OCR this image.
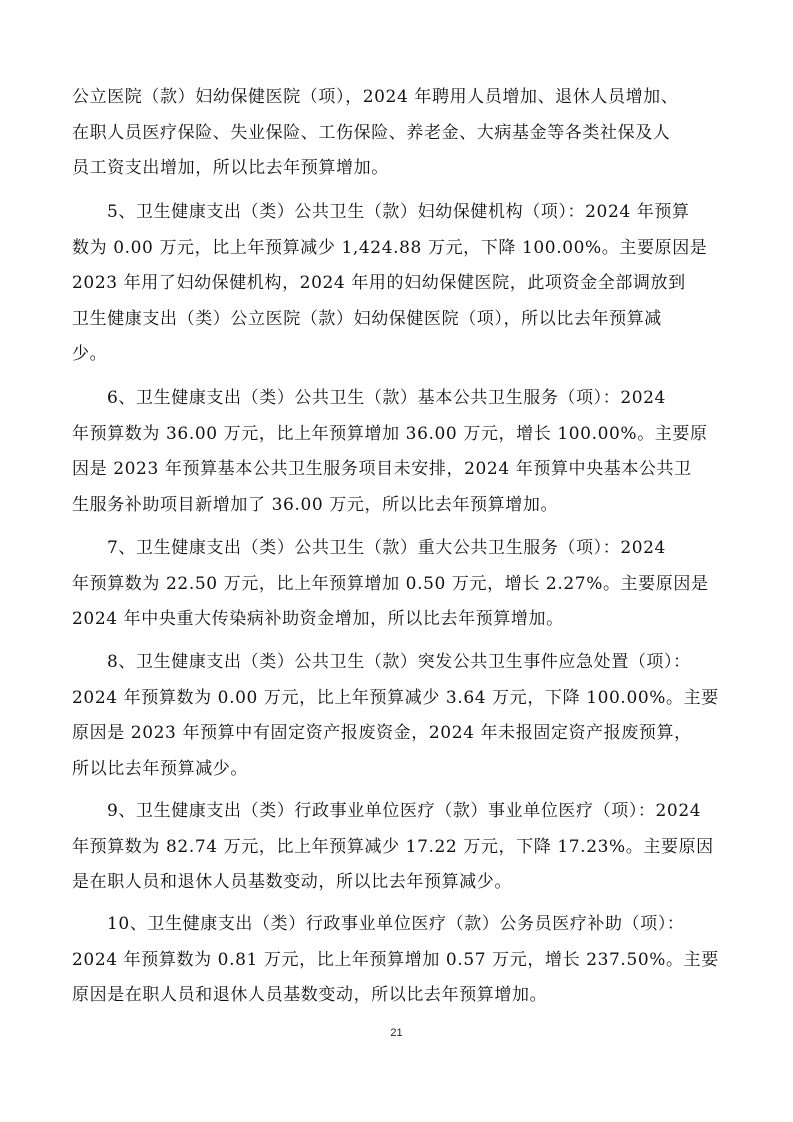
公立医院（款）妇幼保健医院（项），2024 年聘用人员增加、退休人员增加、
在职人员医疗保险、失业保险、工伤保险、养老金、大病基金等各类社保及人
员工资支出增加，所以比去年预算增加。

5、卫生健康支出（类）公共卫生（款）妇幼保健机构（项）：2024 年预算
数为 0.00 万元，比上年预算减少 1,424.88 万元，下降 100.00%。主要原因是
2023 年用了妇幼保健机构，2024 年用的妇幼保健医院，此项资金全部调放到
卫生健康支出（类）公立医院（款）妇幼保健医院（项），所以比去年预算减
少。

6、卫生健康支出（类）公共卫生（款）基本公共卫生服务（项）：2024
年预算数为 36.00 万元，比上年预算增加 36.00 万元，增长 100.00%。主要原
因是 2023 年预算基本公共卫生服务项目未安排，2024 年预算中央基本公共卫
生服务补助项目新增加了 36.00 万元，所以比去年预算增加。

7、卫生健康支出（类）公共卫生（款）重大公共卫生服务（项）：2024
年预算数为 22.50 万元，比上年预算增加 0.50 万元，增长 2.27%。主要原因是
2024 年中央重大传染病补助资金增加，所以比去年预算增加。

8、卫生健康支出（类）公共卫生（款）突发公共卫生事件应急处置（项）：
2024 年预算数为 0.00 万元，比上年预算减少 3.64 万元，下降 100.00%。主要
原因是 2023 年预算中有固定资产报废资金，2024 年未报固定资产报废预算，
所以比去年预算减少。

9、卫生健康支出（类）行政事业单位医疗（款）事业单位医疗（项）：2024
年预算数为 82.74 万元，比上年预算减少 17.22 万元，下降 17.23%。主要原因
是在职人员和退休人员基数变动，所以比去年预算减少。

10、卫生健康支出（类）行政事业单位医疗（款）公务员医疗补助（项）：
2024 年预算数为 0.81 万元，比上年预算增加 0.57 万元，增长 237.50%。主要
原因是在职人员和退休人员基数变动，所以比去年预算增加。

21
